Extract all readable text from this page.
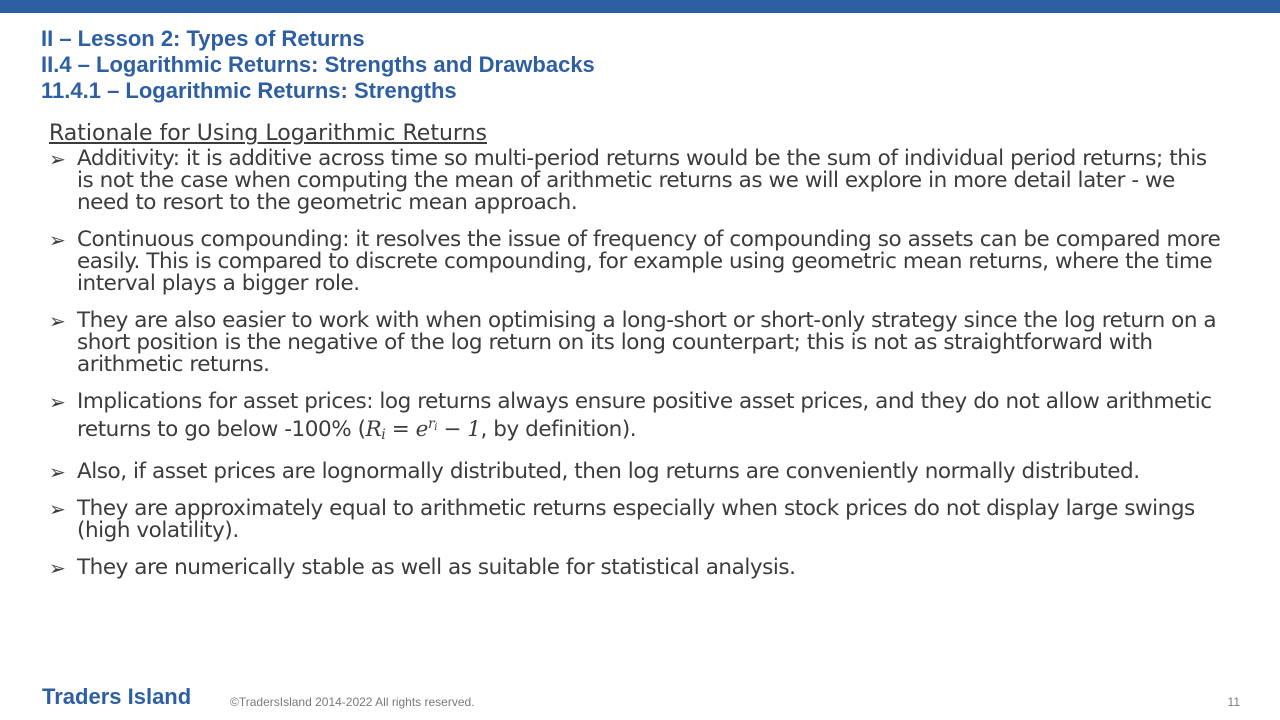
II – Lesson 2: Types of Returns
II.4 – Logarithmic Returns: Strengths and Drawbacks
11.4.1 – Logarithmic Returns: Strengths
Rationale for Using Logarithmic Returns
➢ Additivity: it is additive across time so multi-period returns would be the sum of individual period returns; this is not the case when computing the mean of arithmetic returns as we will explore in more detail later - we need to resort to the geometric mean approach.
➢ Continuous compounding: it resolves the issue of frequency of compounding so assets can be compared more easily. This is compared to discrete compounding, for example using geometric mean returns, where the time interval plays a bigger role.
➢ They are also easier to work with when optimising a long-short or short-only strategy since the log return on a short position is the negative of the log return on its long counterpart; this is not as straightforward with arithmetic returns.
➢ Implications for asset prices: log returns always ensure positive asset prices, and they do not allow arithmetic returns to go below -100% ($R_i = e^{r_i} - 1$, by definition).
➢ Also, if asset prices are lognormally distributed, then log returns are conveniently normally distributed.
➢ They are approximately equal to arithmetic returns especially when stock prices do not display large swings (high volatility).
➢ They are numerically stable as well as suitable for statistical analysis.
Traders Island	©TradersIsland 2014-2022 All rights reserved.	11
